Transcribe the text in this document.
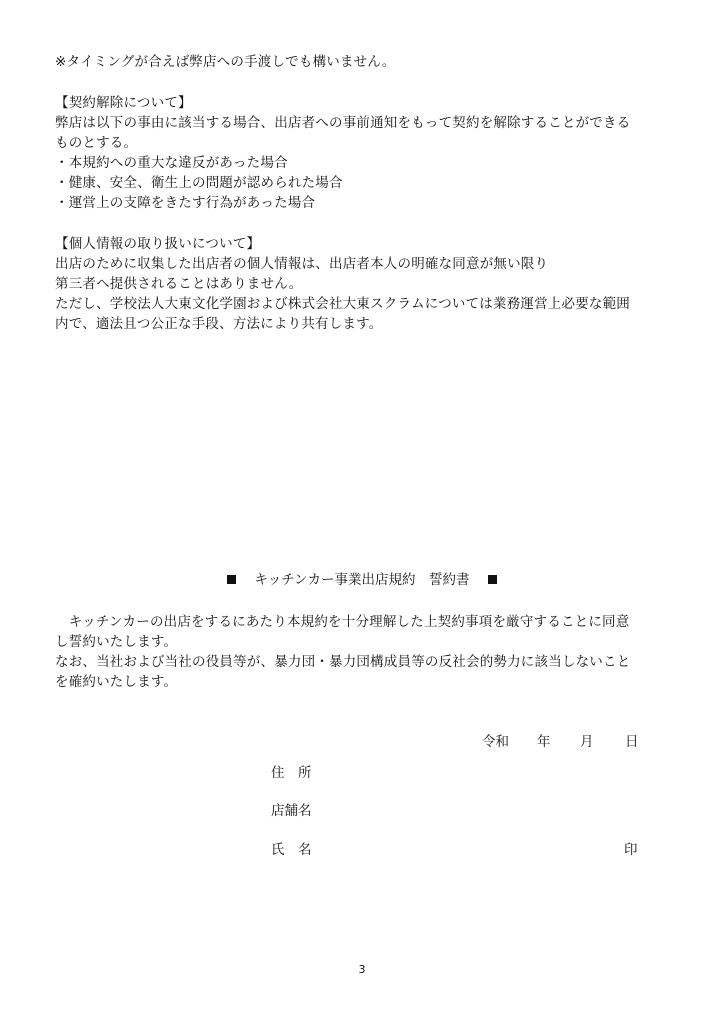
※タイミングが合えば弊店への手渡しでも構いません。
【契約解除について】
弊店は以下の事由に該当する場合、出店者への事前通知をもって契約を解除することができる
ものとする。
・本規約への重大な違反があった場合
・健康、安全、衛生上の問題が認められた場合
・運営上の支障をきたす行為があった場合
【個人情報の取り扱いについて】
出店のために収集した出店者の個人情報は、出店者本人の明確な同意が無い限り
第三者へ提供されることはありません。
ただし、学校法人大東文化学園および株式会社大東スクラムについては業務運営上必要な範囲
内で、適法且つ公正な手段、方法により共有します。
キッチンカー事業出店規約　誓約書
　キッチンカーの出店をするにあたり本規約を十分理解した上契約事項を厳守することに同意
し誓約いたします。
なお、当社および当社の役員等が、暴力団・暴力団構成員等の反社会的勢力に該当しないこと
を確約いたします。
令和 年 月 日
住　所
店舗名
氏　名	印
3
